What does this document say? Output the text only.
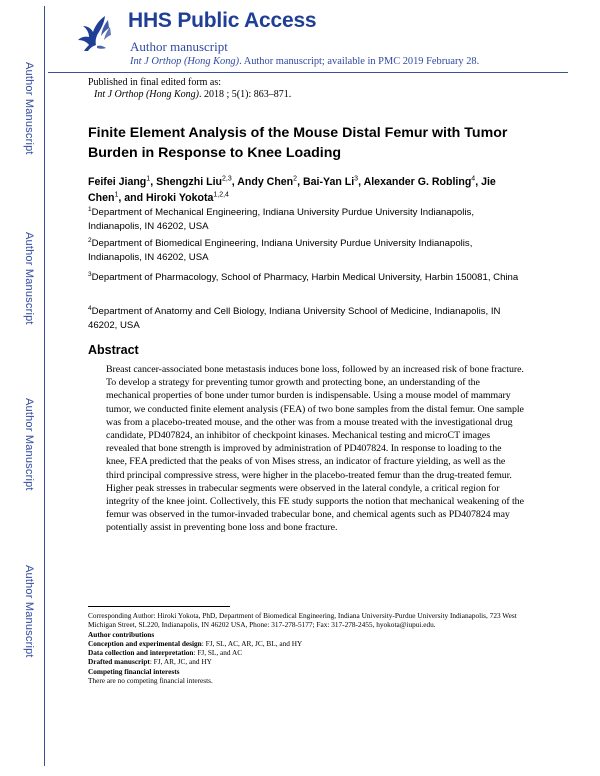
Author Manuscript
Author Manuscript
Author Manuscript
Author Manuscript
HHS Public Access
Author manuscript
Int J Orthop (Hong Kong). Author manuscript; available in PMC 2019 February 28.
Published in final edited form as:
Int J Orthop (Hong Kong). 2018 ; 5(1): 863–871.
Finite Element Analysis of the Mouse Distal Femur with Tumor Burden in Response to Knee Loading
Feifei Jiang$^1$, Shengzhi Liu$^{2,3}$, Andy Chen$^2$, Bai-Yan Li$^3$, Alexander G. Robling$^4$, Jie Chen$^1$, and Hiroki Yokota$^{1,2,4}$
$^1$Department of Mechanical Engineering, Indiana University Purdue University Indianapolis, Indianapolis, IN 46202, USA
$^2$Department of Biomedical Engineering, Indiana University Purdue University Indianapolis, Indianapolis, IN 46202, USA
$^3$Department of Pharmacology, School of Pharmacy, Harbin Medical University, Harbin 150081, China
$^4$Department of Anatomy and Cell Biology, Indiana University School of Medicine, Indianapolis, IN 46202, USA
Abstract
Breast cancer-associated bone metastasis induces bone loss, followed by an increased risk of bone fracture. To develop a strategy for preventing tumor growth and protecting bone, an understanding of the mechanical properties of bone under tumor burden is indispensable. Using a mouse model of mammary tumor, we conducted finite element analysis (FEA) of two bone samples from the distal femur. One sample was from a placebo-treated mouse, and the other was from a mouse treated with the investigational drug candidate, PD407824, an inhibitor of checkpoint kinases. Mechanical testing and microCT images revealed that bone strength is improved by administration of PD407824. In response to loading to the knee, FEA predicted that the peaks of von Mises stress, an indicator of fracture yielding, as well as the third principal compressive stress, were higher in the placebo-treated femur than the drug-treated femur. Higher peak stresses in trabecular segments were observed in the lateral condyle, a critical region for integrity of the knee joint. Collectively, this FE study supports the notion that mechanical weakening of the femur was observed in the tumor-invaded trabecular bone, and chemical agents such as PD407824 may potentially assist in preventing bone loss and bone fracture.
Corresponding Author: Hiroki Yokota, PhD, Department of Biomedical Engineering, Indiana University-Purdue University Indianapolis, 723 West Michigan Street, SL220, Indianapolis, IN 46202 USA, Phone: 317-278-5177; Fax: 317-278-2455, hyokota@iupui.edu.
Author contributions
Conception and experimental design: FJ, SL, AC, AR, JC, BL, and HY
Data collection and interpretation: FJ, SL, and AC
Drafted manuscript: FJ, AR, JC, and HY
Competing financial interests
There are no competing financial interests.
